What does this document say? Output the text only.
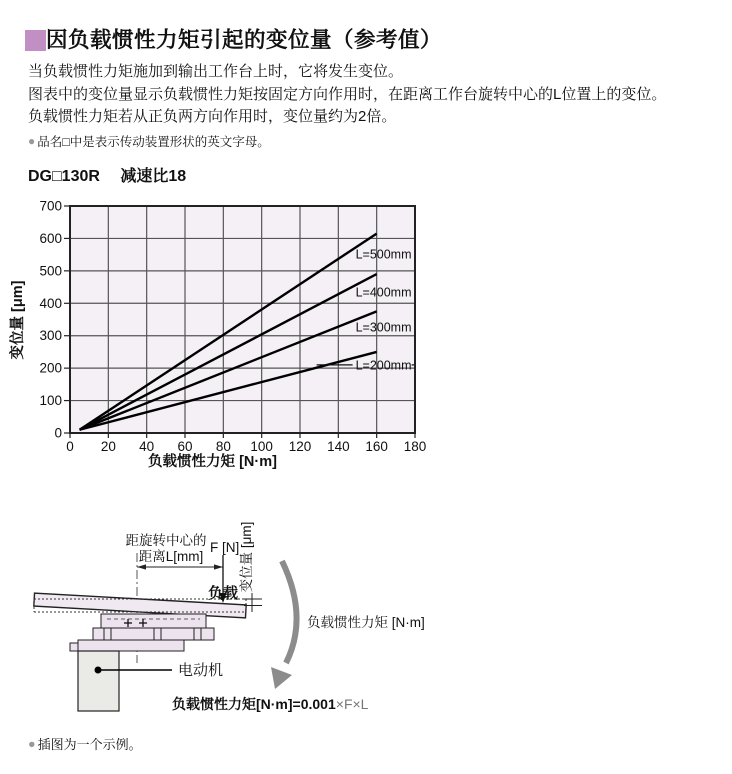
因负载惯性力矩引起的变位量（参考值）
当负载惯性力矩施加到输出工作台上时，它将发生变位。
图表中的变位量显示负载惯性力矩按固定方向作用时，在距离工作台旋转中心的L位置上的变位。
负载惯性力矩若从正负两方向作用时，变位量约为2倍。
● 品名□中是表示传动装置形状的英文字母。
DG□130R 减速比18
0 20 40 60 80 100 120 140 160 180
0
100
200
300
400
500
600
700
L=500mm
L=400mm
L=300mm
L=200mm
负载惯性力矩 [N·m]
变位量 [μm]
电动机
距旋转中心的
距离L[mm]
F [N]
负载
变位量 [μm]
负载惯性力矩 [N·m]
负载惯性力矩[N·m]=0.001×F×L
● 插图为一个示例。
